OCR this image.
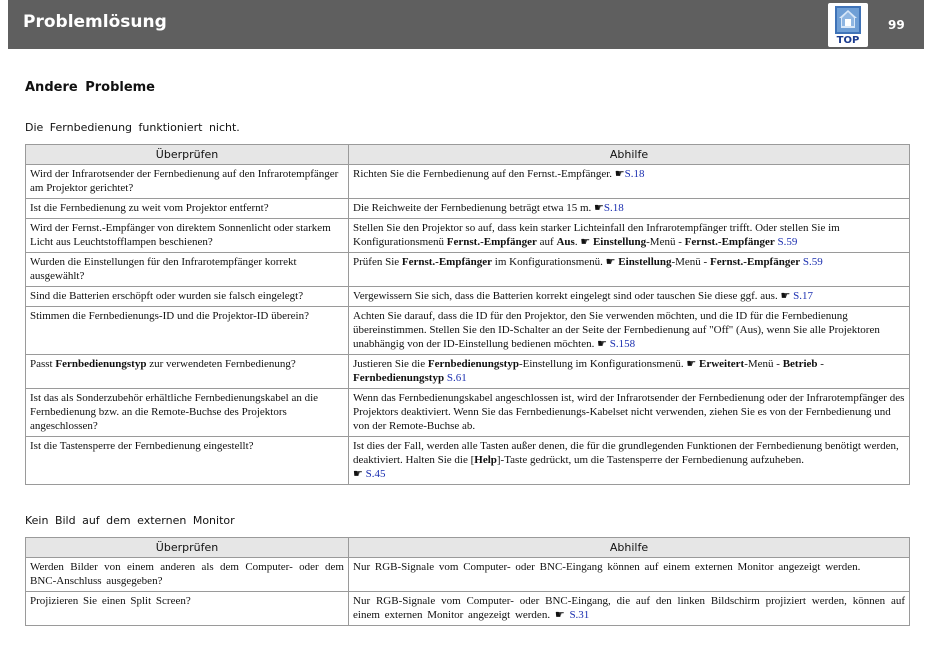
Problemlösung
TOP
99
Andere Probleme
Die Fernbedienung funktioniert nicht.
Überprüfen	Abhilfe
Wird der Infrarotsender der Fernbedienung auf den Infrarotempfänger am Projektor gerichtet?	Richten Sie die Fernbedienung auf den Fernst.-Empfänger. ☛S.18
Ist die Fernbedienung zu weit vom Projektor entfernt?	Die Reichweite der Fernbedienung beträgt etwa 15 m. ☛S.18
Wird der Fernst.-Empfänger von direktem Sonnenlicht oder starkem Licht aus Leuchtstofflampen beschienen?	Stellen Sie den Projektor so auf, dass kein starker Lichteinfall den Infrarotempfänger trifft. Oder stellen Sie im Konfigurationsmenü Fernst.-Empfänger auf Aus. ☛ Einstellung-Menü - Fernst.-Empfänger S.59
Wurden die Einstellungen für den Infrarotempfänger korrekt ausgewählt?	Prüfen Sie Fernst.-Empfänger im Konfigurationsmenü. ☛ Einstellung-Menü - Fernst.-Empfänger S.59
Sind die Batterien erschöpft oder wurden sie falsch eingelegt?	Vergewissern Sie sich, dass die Batterien korrekt eingelegt sind oder tauschen Sie diese ggf. aus. ☛ S.17
Stimmen die Fernbedienungs-ID und die Projektor-ID überein?	Achten Sie darauf, dass die ID für den Projektor, den Sie verwenden möchten, und die ID für die Fernbedienung übereinstimmen. Stellen Sie den ID-Schalter an der Seite der Fernbedienung auf "Off" (Aus), wenn Sie alle Projektoren unabhängig von der ID-Einstellung bedienen möchten. ☛ S.158
Passt Fernbedienungstyp zur verwendeten Fernbedienung?	Justieren Sie die Fernbedienungstyp-Einstellung im Konfigurationsmenü. ☛ Erweitert-Menü - Betrieb - Fernbedienungstyp S.61
Ist das als Sonderzubehör erhältliche Fernbedienungskabel an die Fernbedienung bzw. an die Remote-Buchse des Projektors angeschlossen?	Wenn das Fernbedienungskabel angeschlossen ist, wird der Infrarotsender der Fernbedienung oder der Infrarotempfänger des Projektors deaktiviert. Wenn Sie das Fernbedienungs-Kabelset nicht verwenden, ziehen Sie es von der Fernbedienung und von der Remote-Buchse ab.
Ist die Tastensperre der Fernbedienung eingestellt?	Ist dies der Fall, werden alle Tasten außer denen, die für die grundlegenden Funktionen der Fernbedienung benötigt werden, deaktiviert. Halten Sie die [Help]-Taste gedrückt, um die Tastensperre der Fernbedienung aufzuheben.
☛ S.45
Kein Bild auf dem externen Monitor
Überprüfen	Abhilfe
Werden Bilder von einem anderen als dem Computer- oder dem BNC-Anschluss ausgegeben?	Nur RGB-Signale vom Computer- oder BNC-Eingang können auf einem externen Monitor angezeigt werden.
Projizieren Sie einen Split Screen?	Nur RGB-Signale vom Computer- oder BNC-Eingang, die auf den linken Bildschirm projiziert werden, können auf einem externen Monitor angezeigt werden. ☛ S.31
